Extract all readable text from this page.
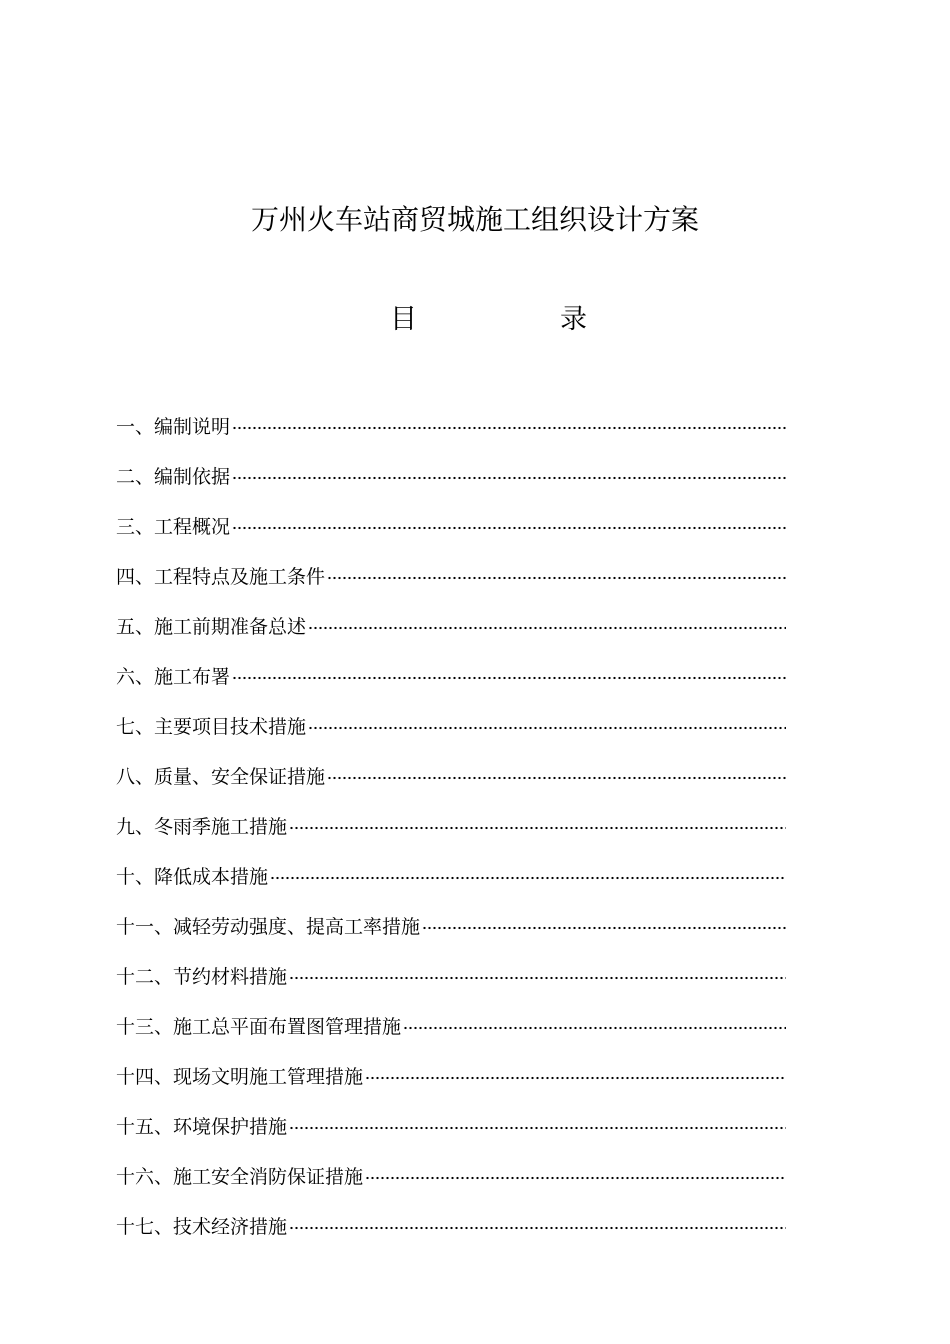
万州火车站商贸城施工组织设计方案
目	录
一、编制说明
二、编制依据
三、工程概况
四、工程特点及施工条件
五、施工前期准备总述
六、施工布署
七、主要项目技术措施
八、质量、安全保证措施
九、冬雨季施工措施
十、降低成本措施
十一、减轻劳动强度、提高工率措施
十二、节约材料措施
十三、施工总平面布置图管理措施
十四、现场文明施工管理措施
十五、环境保护措施
十六、施工安全消防保证措施
十七、技术经济措施
